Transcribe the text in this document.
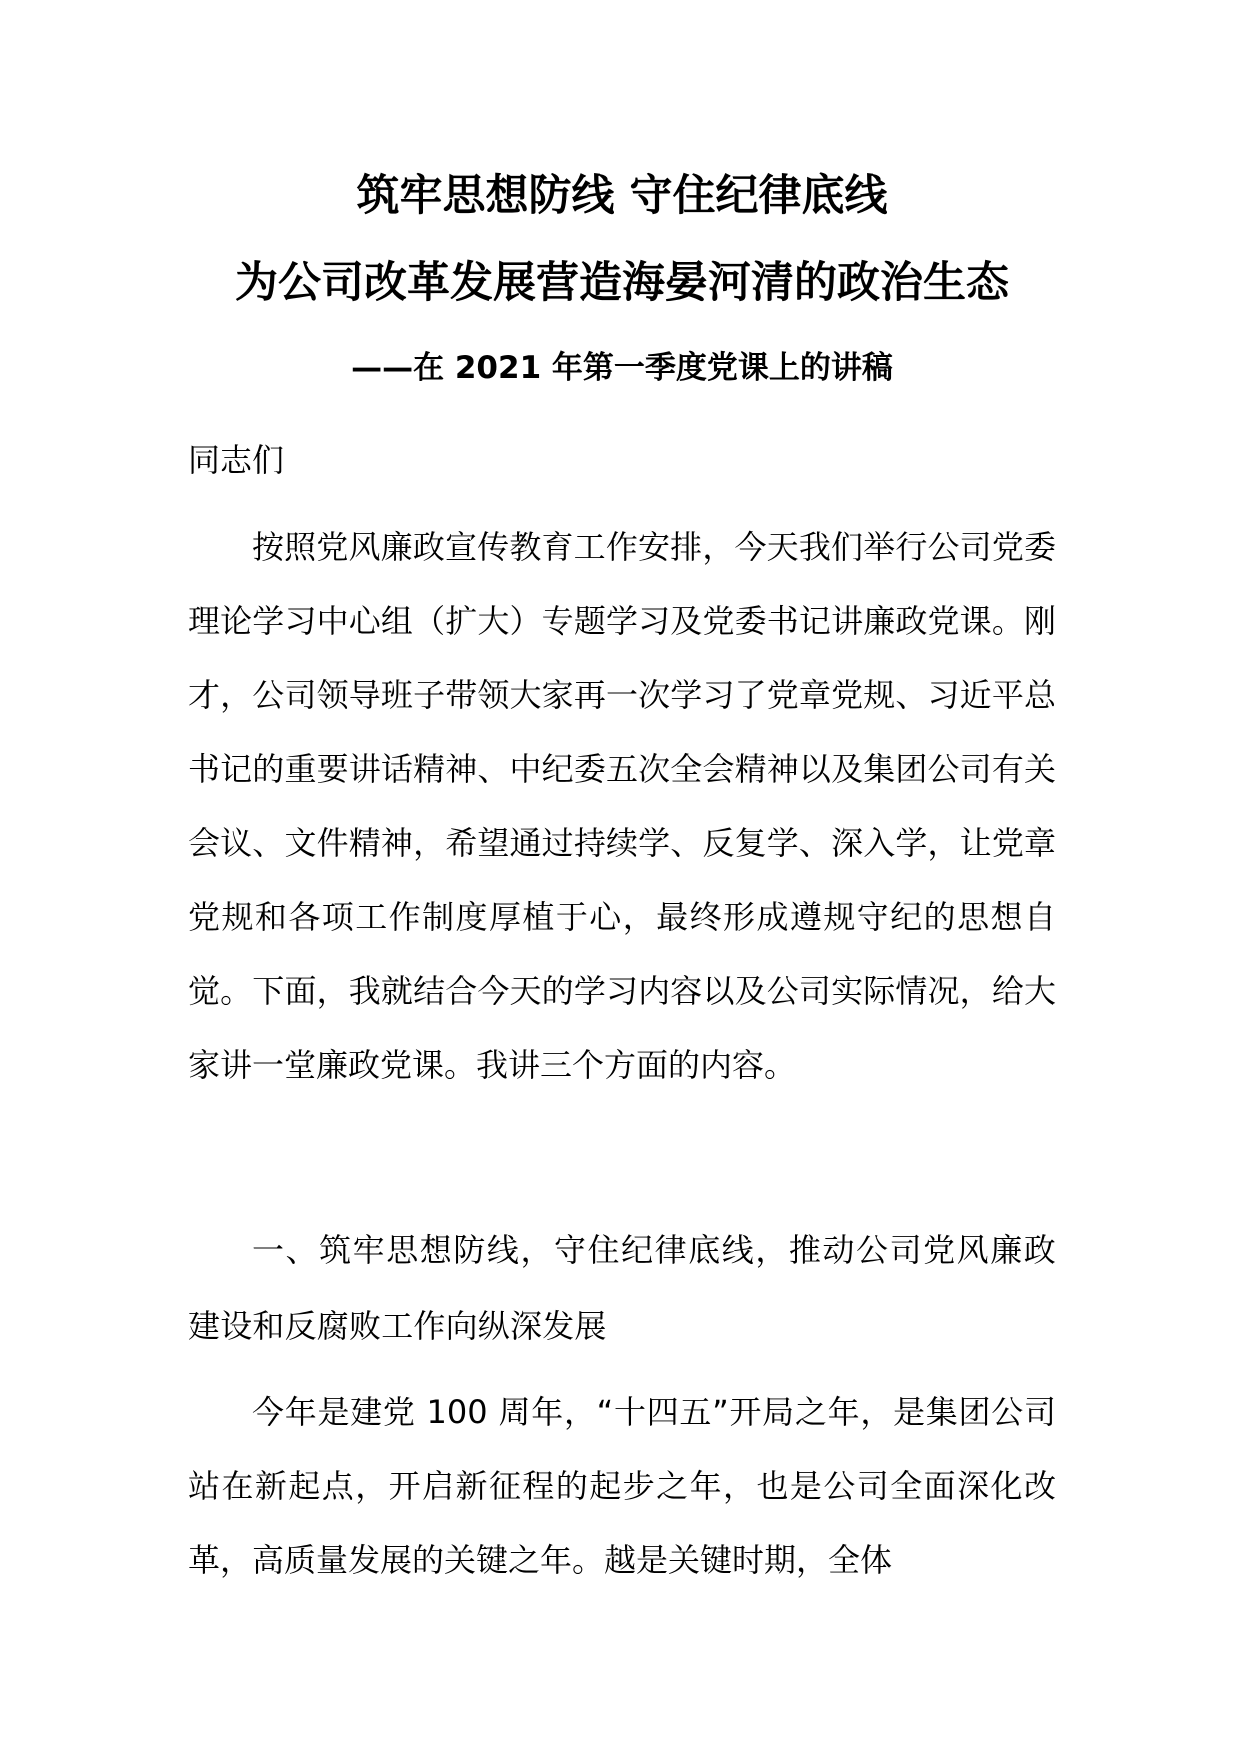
筑牢思想防线 守住纪律底线
为公司改革发展营造海晏河清的政治生态
——在 2021 年第一季度党课上的讲稿

同志们

按照党风廉政宣传教育工作安排，今天我们举行公司党委理论学习中心组（扩大）专题学习及党委书记讲廉政党课。刚才，公司领导班子带领大家再一次学习了党章党规、习近平总书记的重要讲话精神、中纪委五次全会精神以及集团公司有关会议、文件精神，希望通过持续学、反复学、深入学，让党章党规和各项工作制度厚植于心，最终形成遵规守纪的思想自觉。下面，我就结合今天的学习内容以及公司实际情况，给大家讲一堂廉政党课。我讲三个方面的内容。

一、筑牢思想防线，守住纪律底线，推动公司党风廉政建设和反腐败工作向纵深发展

今年是建党 100 周年，“十四五”开局之年，是集团公司站在新起点，开启新征程的起步之年，也是公司全面深化改革，高质量发展的关键之年。越是关键时期，全体
